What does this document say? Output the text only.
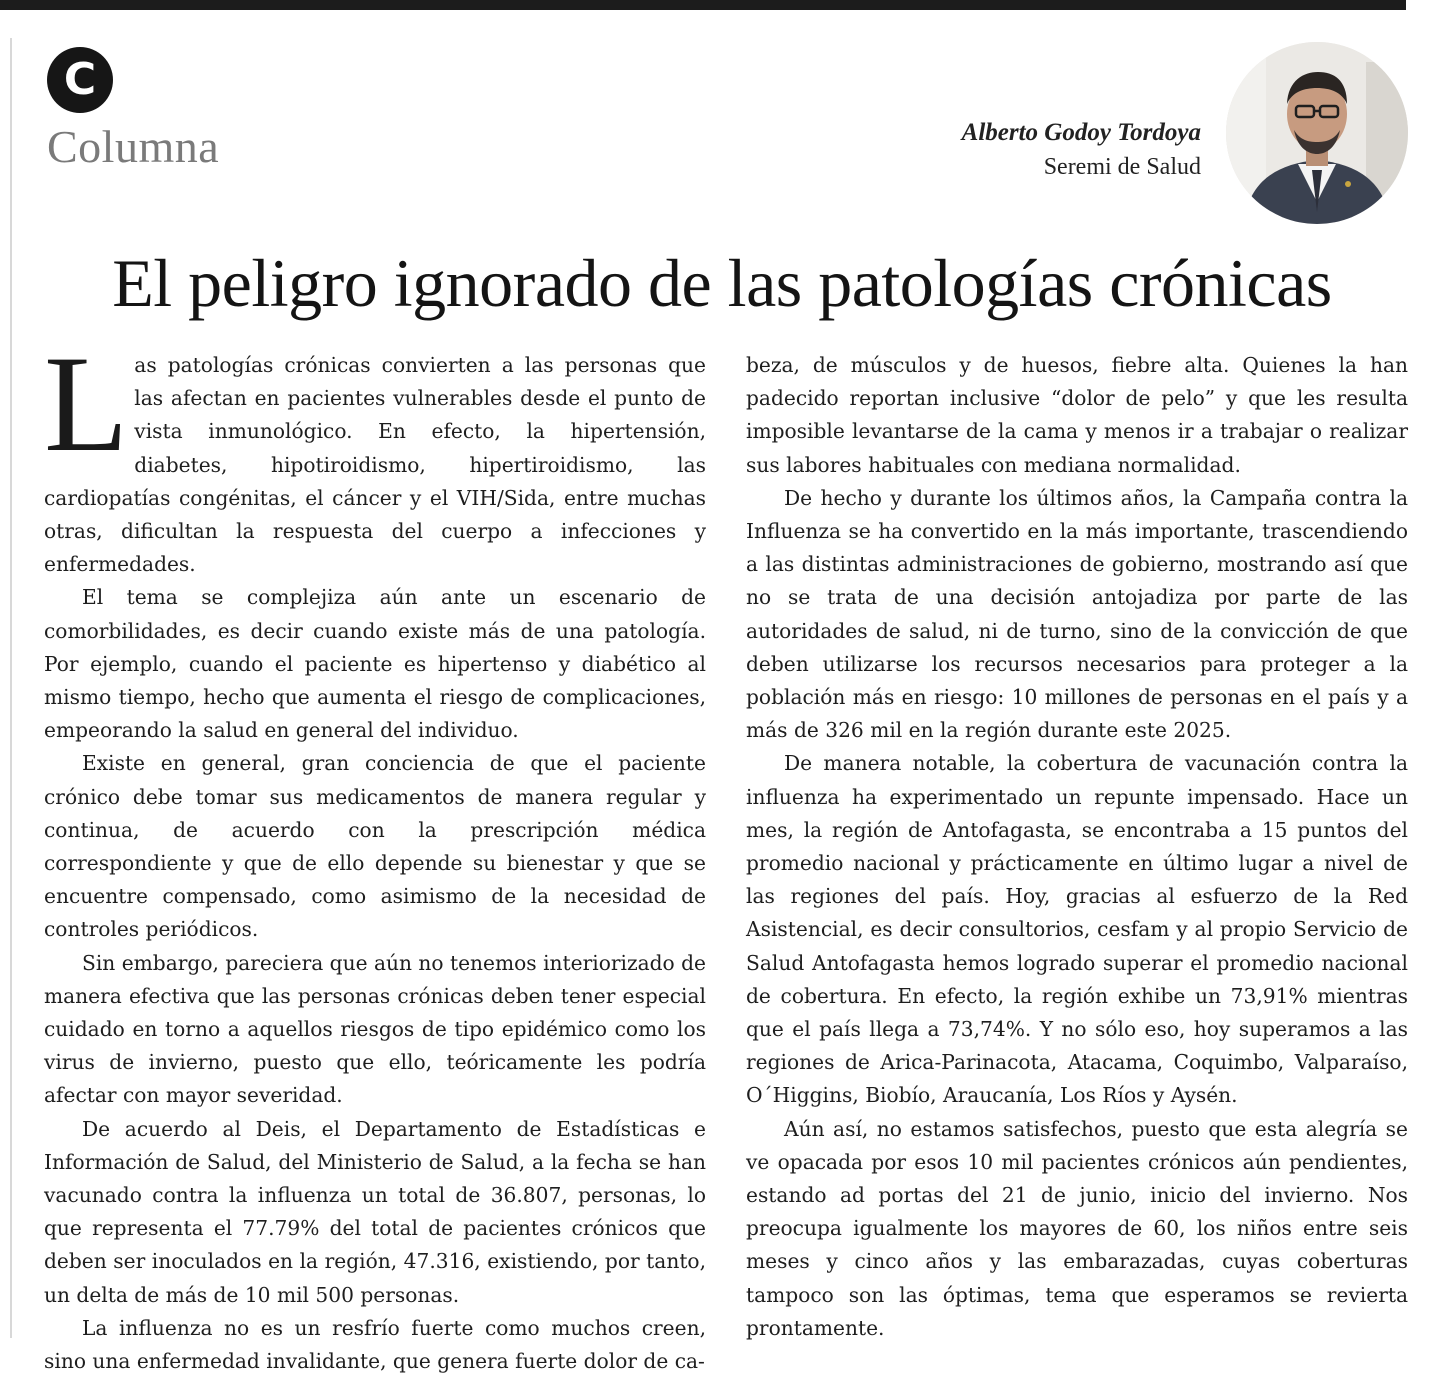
C
Columna	Alberto Godoy Tordoya
Seremi de Salud
El peligro ignorado de las patologías crónicas

Las patologías crónicas convierten a las personas que las afectan en pacientes vulnerables desde el punto de vista inmunológico. En efecto, la hipertensión, diabetes, hipotiroidismo, hipertiroidismo, las cardiopatías congénitas, el cáncer y el VIH/Sida, entre muchas otras, dificultan la respuesta del cuerpo a infecciones y enfermedades.

El tema se complejiza aún ante un escenario de comorbilidades, es decir cuando existe más de una patología. Por ejemplo, cuando el paciente es hipertenso y diabético al mismo tiempo, hecho que aumenta el riesgo de complicaciones, empeorando la salud en general del individuo.

Existe en general, gran conciencia de que el paciente crónico debe tomar sus medicamentos de manera regular y continua, de acuerdo con la prescripción médica correspondiente y que de ello depende su bienestar y que se encuentre compensado, como asimismo de la necesidad de controles periódicos.

Sin embargo, pareciera que aún no tenemos interiorizado de manera efectiva que las personas crónicas deben tener especial cuidado en torno a aquellos riesgos de tipo epidémico como los virus de invierno, puesto que ello, teóricamente les podría afectar con mayor severidad.

De acuerdo al Deis, el Departamento de Estadísticas e Información de Salud, del Ministerio de Salud, a la fecha se han vacunado contra la influenza un total de 36.807, personas, lo que representa el 77.79% del total de pacientes crónicos que deben ser inoculados en la región, 47.316, existiendo, por tanto, un delta de más de 10 mil 500 personas.

La influenza no es un resfrío fuerte como muchos creen, sino una enfermedad invalidante, que genera fuerte dolor de ca-

beza, de músculos y de huesos, fiebre alta. Quienes la han padecido reportan inclusive “dolor de pelo” y que les resulta imposible levantarse de la cama y menos ir a trabajar o realizar sus labores habituales con mediana normalidad.

De hecho y durante los últimos años, la Campaña contra la Influenza se ha convertido en la más importante, trascendiendo a las distintas administraciones de gobierno, mostrando así que no se trata de una decisión antojadiza por parte de las autoridades de salud, ni de turno, sino de la convicción de que deben utilizarse los recursos necesarios para proteger a la población más en riesgo: 10 millones de personas en el país y a más de 326 mil en la región durante este 2025.

De manera notable, la cobertura de vacunación contra la influenza ha experimentado un repunte impensado. Hace un mes, la región de Antofagasta, se encontraba a 15 puntos del promedio nacional y prácticamente en último lugar a nivel de las regiones del país. Hoy, gracias al esfuerzo de la Red Asistencial, es decir consultorios, cesfam y al propio Servicio de Salud Antofagasta hemos logrado superar el promedio nacional de cobertura. En efecto, la región exhibe un 73,91% mientras que el país llega a 73,74%. Y no sólo eso, hoy superamos a las regiones de Arica-Parinacota, Atacama, Coquimbo, Valparaíso, O´Higgins, Biobío, Araucanía, Los Ríos y Aysén.

Aún así, no estamos satisfechos, puesto que esta alegría se ve opacada por esos 10 mil pacientes crónicos aún pendientes, estando ad portas del 21 de junio, inicio del invierno. Nos preocupa igualmente los mayores de 60, los niños entre seis meses y cinco años y las embarazadas, cuyas coberturas tampoco son las óptimas, tema que esperamos se revierta prontamente.
